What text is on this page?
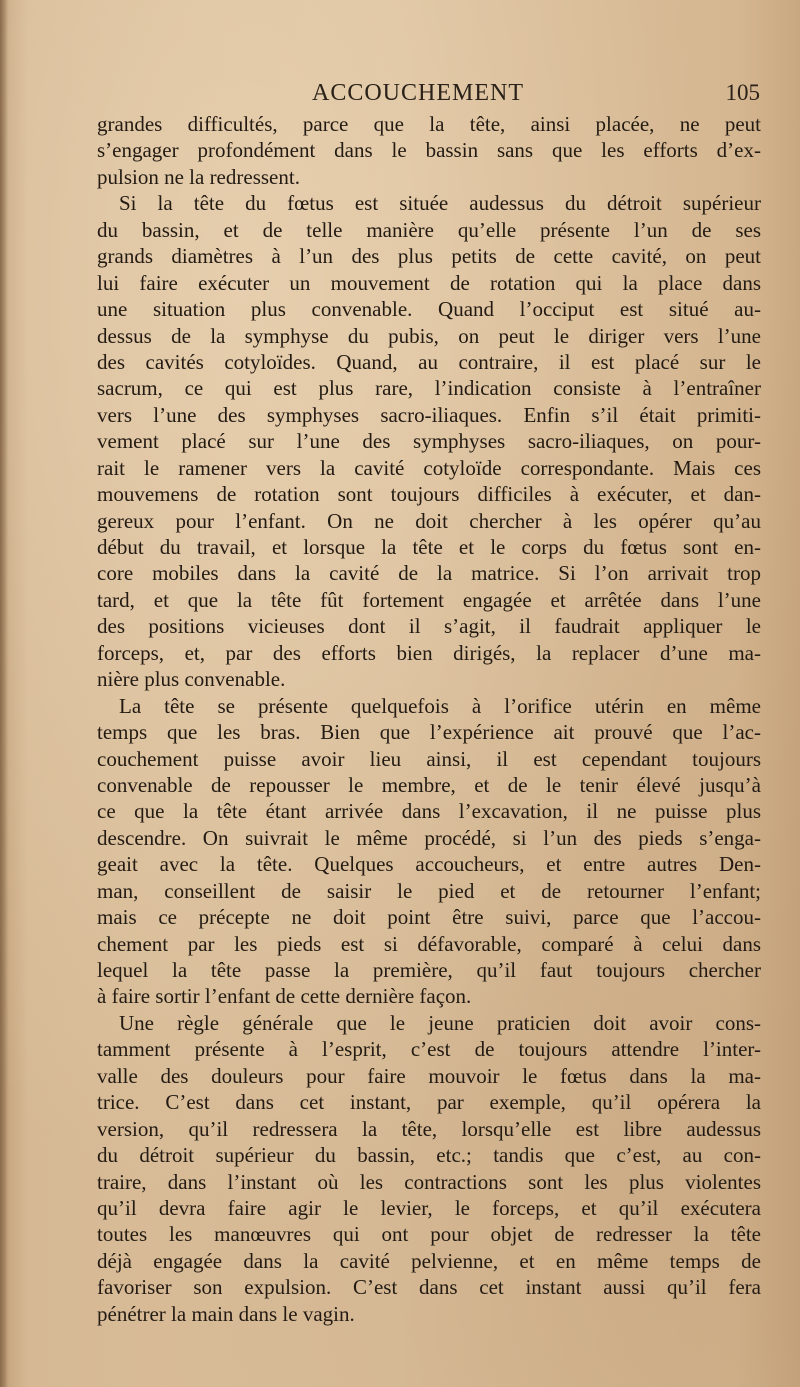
ACCOUCHEMENT	105
grandes difficultés, parce que la tête, ainsi placée, ne peut
s’engager profondément dans le bassin sans que les efforts d’ex-
pulsion ne la redressent.
Si la tête du fœtus est située audessus du détroit supérieur
du bassin, et de telle manière qu’elle présente l’un de ses
grands diamètres à l’un des plus petits de cette cavité, on peut
lui faire exécuter un mouvement de rotation qui la place dans
une situation plus convenable. Quand l’occiput est situé au-
dessus de la symphyse du pubis, on peut le diriger vers l’une
des cavités cotyloïdes. Quand, au contraire, il est placé sur le
sacrum, ce qui est plus rare, l’indication consiste à l’entraîner
vers l’une des symphyses sacro-iliaques. Enfin s’il était primiti-
vement placé sur l’une des symphyses sacro-iliaques, on pour-
rait le ramener vers la cavité cotyloïde correspondante. Mais ces
mouvemens de rotation sont toujours difficiles à exécuter, et dan-
gereux pour l’enfant. On ne doit chercher à les opérer qu’au
début du travail, et lorsque la tête et le corps du fœtus sont en-
core mobiles dans la cavité de la matrice. Si l’on arrivait trop
tard, et que la tête fût fortement engagée et arrêtée dans l’une
des positions vicieuses dont il s’agit, il faudrait appliquer le
forceps, et, par des efforts bien dirigés, la replacer d’une ma-
nière plus convenable.
La tête se présente quelquefois à l’orifice utérin en même
temps que les bras. Bien que l’expérience ait prouvé que l’ac-
couchement puisse avoir lieu ainsi, il est cependant toujours
convenable de repousser le membre, et de le tenir élevé jusqu’à
ce que la tête étant arrivée dans l’excavation, il ne puisse plus
descendre. On suivrait le même procédé, si l’un des pieds s’enga-
geait avec la tête. Quelques accoucheurs, et entre autres Den-
man, conseillent de saisir le pied et de retourner l’enfant;
mais ce précepte ne doit point être suivi, parce que l’accou-
chement par les pieds est si défavorable, comparé à celui dans
lequel la tête passe la première, qu’il faut toujours chercher
à faire sortir l’enfant de cette dernière façon.
Une règle générale que le jeune praticien doit avoir cons-
tamment présente à l’esprit, c’est de toujours attendre l’inter-
valle des douleurs pour faire mouvoir le fœtus dans la ma-
trice. C’est dans cet instant, par exemple, qu’il opérera la
version, qu’il redressera la tête, lorsqu’elle est libre audessus
du détroit supérieur du bassin, etc.; tandis que c’est, au con-
traire, dans l’instant où les contractions sont les plus violentes
qu’il devra faire agir le levier, le forceps, et qu’il exécutera
toutes les manœuvres qui ont pour objet de redresser la tête
déjà engagée dans la cavité pelvienne, et en même temps de
favoriser son expulsion. C’est dans cet instant aussi qu’il fera
pénétrer la main dans le vagin.
